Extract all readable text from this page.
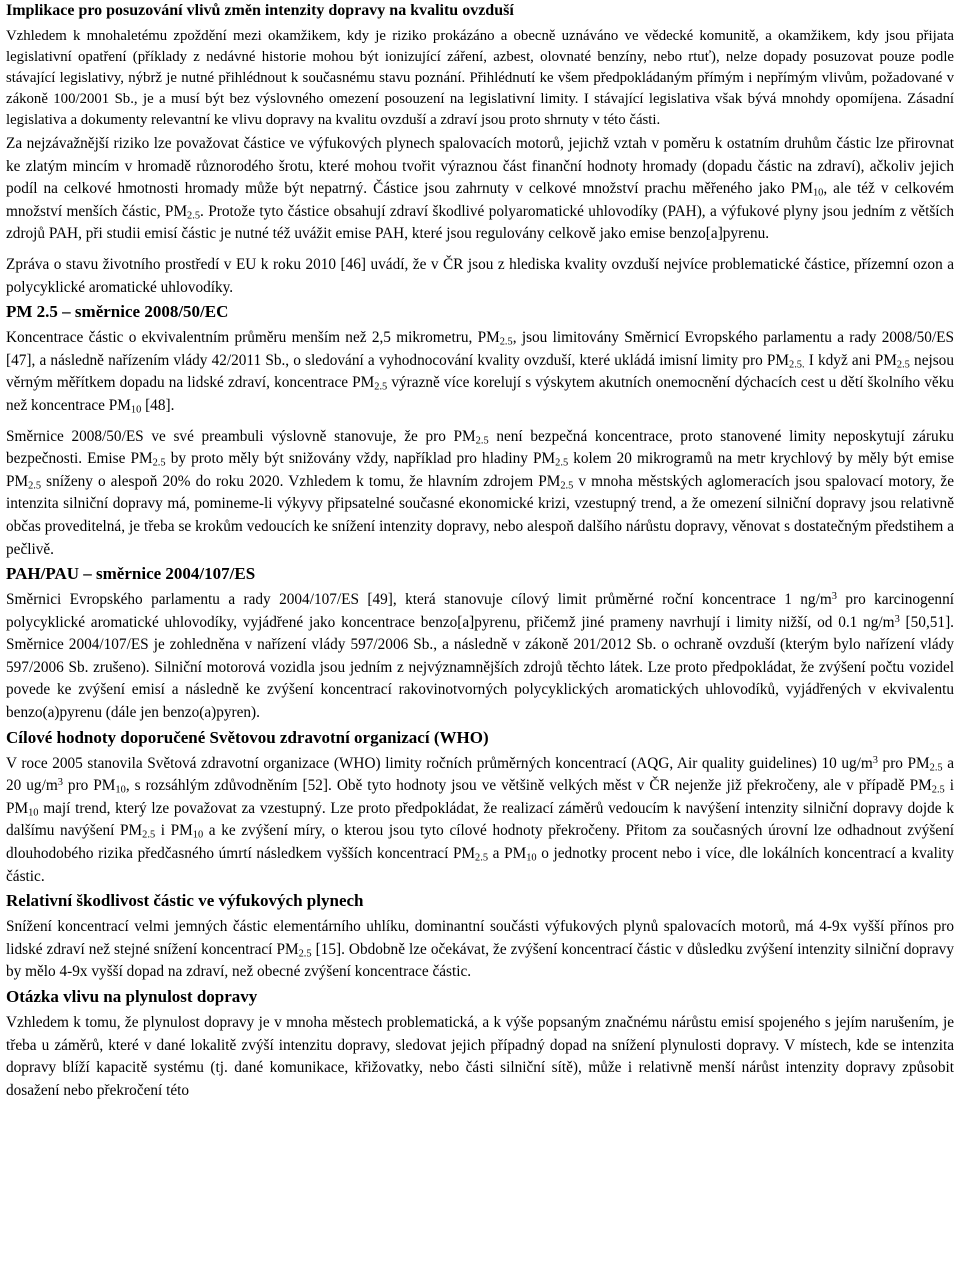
Implikace pro posuzování vlivů změn intenzity dopravy na kvalitu ovzduší

Vzhledem k mnohaletému zpoždění mezi okamžikem, kdy je riziko prokázáno a obecně uznáváno ve vědecké komunitě, a okamžikem, kdy jsou přijata legislativní opatření (příklady z nedávné historie mohou být ionizující záření, azbest, olovnaté benzíny, nebo rtuť), nelze dopady posuzovat pouze podle stávající legislativy, nýbrž je nutné přihlédnout k současnému stavu poznání. Přihlédnutí ke všem předpokládaným přímým i nepřímým vlivům, požadované v zákoně 100/2001 Sb., je a musí být bez výslovného omezení posouzení na legislativní limity. I stávající legislativa však bývá mnohdy opomíjena. Zásadní legislativa a dokumenty relevantní ke vlivu dopravy na kvalitu ovzduší a zdraví jsou proto shrnuty v této části.

Za nejzávažnější riziko lze považovat částice ve výfukových plynech spalovacích motorů, jejichž vztah v poměru k ostatním druhům částic lze přirovnat ke zlatým mincím v hromadě různorodého šrotu, které mohou tvořit výraznou část finanční hodnoty hromady (dopadu částic na zdraví), ačkoliv jejich podíl na celkové hmotnosti hromady může být nepatrný. Částice jsou zahrnuty v celkové množství prachu měřeného jako $PM_{10}$, ale též v celkovém množství menších částic, $PM_{2.5}$. Protože tyto částice obsahují zdraví škodlivé polyaromatické uhlovodíky (PAH), a výfukové plyny jsou jedním z větších zdrojů PAH, při studii emisí částic je nutné též uvážit emise PAH, které jsou regulovány celkově jako emise benzo[a]pyrenu.

Zpráva o stavu životního prostředí v EU k roku 2010 [46] uvádí, že v ČR jsou z hlediska kvality ovzduší nejvíce problematické částice, přízemní ozon a polycyklické aromatické uhlovodíky.

PM 2.5 – směrnice 2008/50/EC

Koncentrace částic o ekvivalentním průměru menším než 2,5 mikrometru, $PM_{2.5}$, jsou limitovány Směrnicí Evropského parlamentu a rady 2008/50/ES [47], a následně nařízením vlády 42/2011 Sb., o sledování a vyhodnocování kvality ovzduší, které ukládá imisní limity pro $PM_{2.5.}$ I když ani $PM_{2.5}$ nejsou věrným měřítkem dopadu na lidské zdraví, koncentrace $PM_{2.5}$ výrazně více korelují s výskytem akutních onemocnění dýchacích cest u dětí školního věku než koncentrace $PM_{10}$ [48].

Směrnice 2008/50/ES ve své preambuli výslovně stanovuje, že pro $PM_{2.5}$ není bezpečná koncentrace, proto stanovené limity neposkytují záruku bezpečnosti. Emise $PM_{2.5}$ by proto měly být snižovány vždy, například pro hladiny $PM_{2.5}$ kolem 20 mikrogramů na metr krychlový by měly být emise $PM_{2.5}$ sníženy o alespoň 20% do roku 2020. Vzhledem k tomu, že hlavním zdrojem $PM_{2.5}$ v mnoha městských aglomeracích jsou spalovací motory, že intenzita silniční dopravy má, pomineme-li výkyvy připsatelné současné ekonomické krizi, vzestupný trend, a že omezení silniční dopravy jsou relativně občas proveditelná, je třeba se krokům vedoucích ke snížení intenzity dopravy, nebo alespoň dalšího nárůstu dopravy, věnovat s dostatečným předstihem a pečlivě.

PAH/PAU – směrnice 2004/107/ES

Směrnici Evropského parlamentu a rady 2004/107/ES [49], která stanovuje cílový limit průměrné roční koncentrace 1 $ng/m^3$ pro karcinogenní polycyklické aromatické uhlovodíky, vyjádřené jako koncentrace benzo[a]pyrenu, přičemž jiné prameny navrhují i limity nižší, od 0.1 $ng/m^3$ [50,51]. Směrnice 2004/107/ES je zohledněna v nařízení vlády 597/2006 Sb., a následně v zákoně 201/2012 Sb. o ochraně ovzduší (kterým bylo nařízení vlády 597/2006 Sb. zrušeno). Silniční motorová vozidla jsou jedním z nejvýznamnějších zdrojů těchto látek. Lze proto předpokládat, že zvýšení počtu vozidel povede ke zvýšení emisí a následně ke zvýšení koncentrací rakovinotvorných polycyklických aromatických uhlovodíků, vyjádřených v ekvivalentu benzo(a)pyrenu (dále jen benzo(a)pyren).

Cílové hodnoty doporučené Světovou zdravotní organizací (WHO)

V roce 2005 stanovila Světová zdravotní organizace (WHO) limity ročních průměrných koncentrací (AQG, Air quality guidelines) 10 $ug/m^3$ pro $PM_{2.5}$ a 20 $ug/m^3$ pro $PM_{10}$, s rozsáhlým zdůvodněním [52]. Obě tyto hodnoty jsou ve většině velkých měst v ČR nejenže již překročeny, ale v případě $PM_{2.5}$ i $PM_{10}$ mají trend, který lze považovat za vzestupný. Lze proto předpokládat, že realizací záměrů vedoucím k navýšení intenzity silniční dopravy dojde k dalšímu navýšení $PM_{2.5}$ i $PM_{10}$ a ke zvýšení míry, o kterou jsou tyto cílové hodnoty překročeny. Přitom za současných úrovní lze odhadnout zvýšení dlouhodobého rizika předčasného úmrtí následkem vyšších koncentrací $PM_{2.5}$ a $PM_{10}$ o jednotky procent nebo i více, dle lokálních koncentrací a kvality částic.

Relativní škodlivost částic ve výfukových plynech

Snížení koncentrací velmi jemných částic elementárního uhlíku, dominantní součásti výfukových plynů spalovacích motorů, má 4-9x vyšší přínos pro lidské zdraví než stejné snížení koncentrací $PM_{2.5}$ [15]. Obdobně lze očekávat, že zvýšení koncentrací částic v důsledku zvýšení intenzity silniční dopravy by mělo 4-9x vyšší dopad na zdraví, než obecné zvýšení koncentrace částic.

Otázka vlivu na plynulost dopravy

Vzhledem k tomu, že plynulost dopravy je v mnoha městech problematická, a k výše popsaným značnému nárůstu emisí spojeného s jejím narušením, je třeba u záměrů, které v dané lokalitě zvýší intenzitu dopravy, sledovat jejich případný dopad na snížení plynulosti dopravy. V místech, kde se intenzita dopravy blíží kapacitě systému (tj. dané komunikace, křižovatky, nebo části silniční sítě), může i relativně menší nárůst intenzity dopravy způsobit dosažení nebo překročení této
